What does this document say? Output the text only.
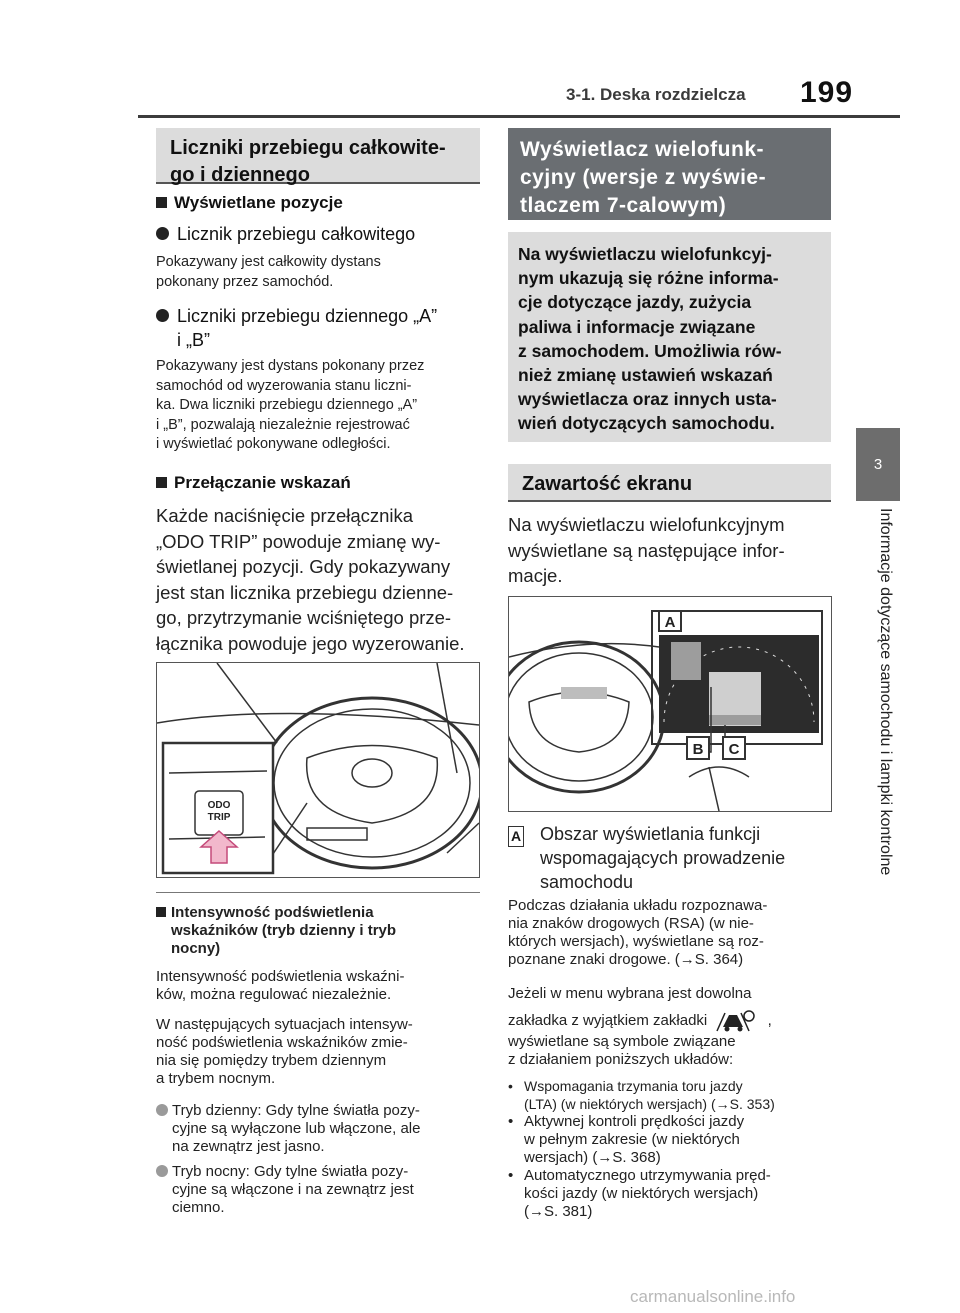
3-1. Deska rozdzielcza 199
3
Informacje dotyczące samochodu i lampki kontrolne
Liczniki przebiegu całkowite-
go i dziennego
Wyświetlane pozycje
Licznik przebiegu całkowitego
Pokazywany jest całkowity dystans
pokonany przez samochód.
Liczniki przebiegu dziennego „A”
i „B”
Pokazywany jest dystans pokonany przez
samochód od wyzerowania stanu liczni-
ka. Dwa liczniki przebiegu dziennego „A”
i „B”, pozwalają niezależnie rejestrować
i wyświetlać pokonywane odległości.
Przełączanie wskazań
Każde naciśnięcie przełącznika
„ODO TRIP” powoduje zmianę wy-
świetlanej pozycji. Gdy pokazywany
jest stan licznika przebiegu dzienne-
go, przytrzymanie wciśniętego prze-
łącznika powoduje jego wyzerowanie.
ODO
TRIP
Intensywność podświetlenia
wskaźników (tryb dzienny i tryb
nocny)
Intensywność podświetlenia wskaźni-
ków, można regulować niezależnie.
W następujących sytuacjach intensyw-
ność podświetlenia wskaźników zmie-
nia się pomiędzy trybem dziennym
a trybem nocnym.
Tryb dzienny: Gdy tylne światła pozy-
cyjne są wyłączone lub włączone, ale
na zewnątrz jest jasno.
Tryb nocny: Gdy tylne światła pozy-
cyjne są włączone i na zewnątrz jest
ciemno.
Wyświetlacz wielofunk-
cyjny (wersje z wyświe-
tlaczem 7-calowym)
Na wyświetlaczu wielofunkcyj-
nym ukazują się różne informa-
cje dotyczące jazdy, zużycia
paliwa i informacje związane
z samochodem. Umożliwia rów-
nież zmianę ustawień wskazań
wyświetlacza oraz innych usta-
wień dotyczących samochodu.
Zawartość ekranu
Na wyświetlaczu wielofunkcyjnym
wyświetlane są następujące infor-
macje.
A
B C
A Obszar wyświetlania funkcji
wspomagających prowadzenie
samochodu
Podczas działania układu rozpoznawa-
nia znaków drogowych (RSA) (w nie-
których wersjach), wyświetlane są roz-
poznane znaki drogowe. (→S. 364)
Jeżeli w menu wybrana jest dowolna
zakładka z wyjątkiem zakładki	,
wyświetlane są symbole związane
z działaniem poniższych układów:
• Wspomagania trzymania toru jazdy
(LTA) (w niektórych wersjach) (→S. 353)
• Aktywnej kontroli prędkości jazdy
w pełnym zakresie (w niektórych
wersjach) (→S. 368)
• Automatycznego utrzymywania pręd-
kości jazdy (w niektórych wersjach)
(→S. 381)
carmanualsonline.info
